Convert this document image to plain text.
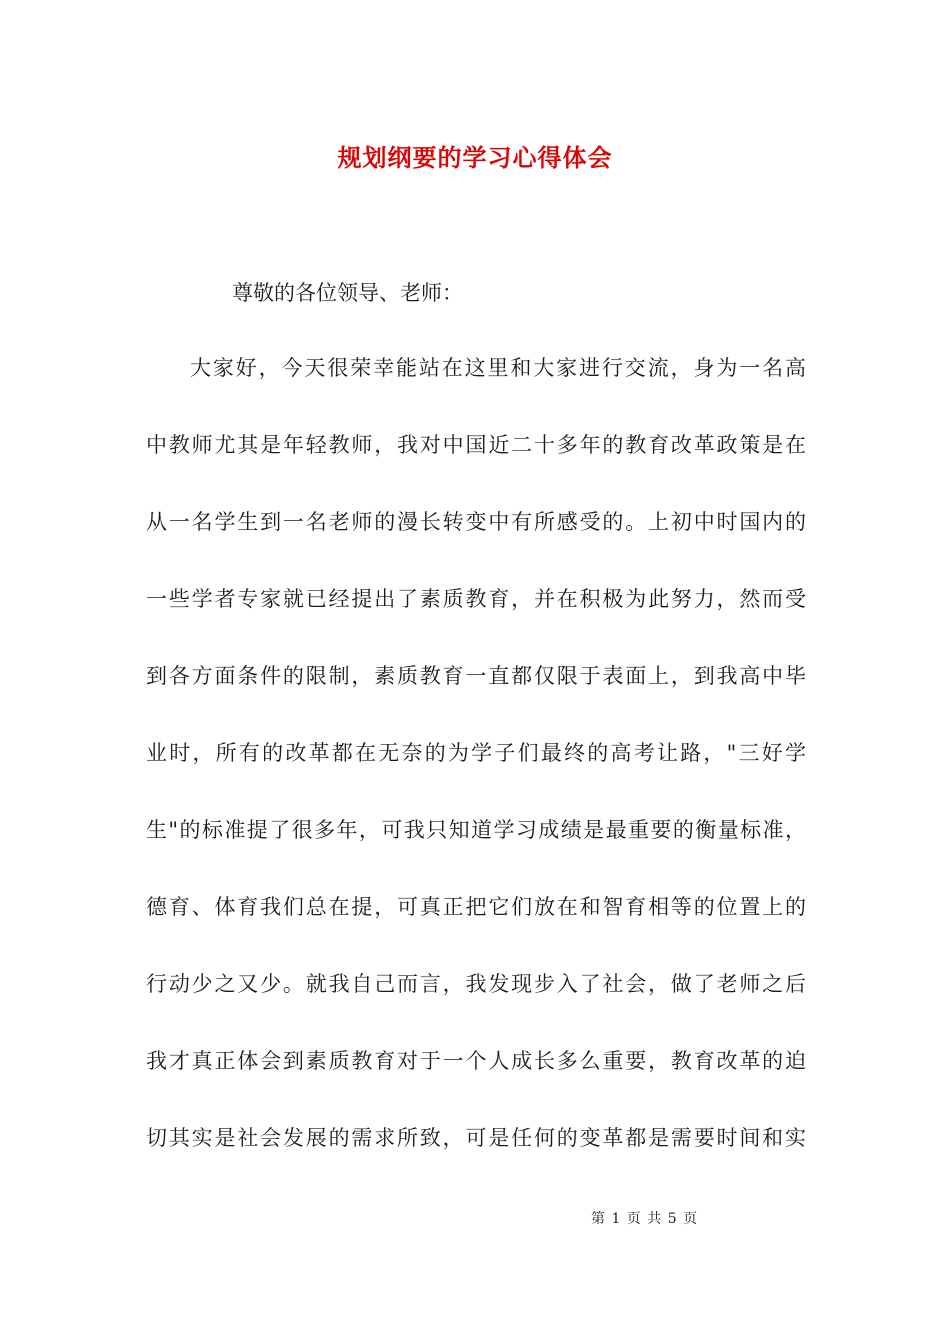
规划纲要的学习心得体会

尊敬的各位领导、老师：

大家好，今天很荣幸能站在这里和大家进行交流，身为一名高
中教师尤其是年轻教师，我对中国近二十多年的教育改革政策是在
从一名学生到一名老师的漫长转变中有所感受的。上初中时国内的
一些学者专家就已经提出了素质教育，并在积极为此努力，然而受
到各方面条件的限制，素质教育一直都仅限于表面上，到我高中毕
业时，所有的改革都在无奈的为学子们最终的高考让路，"三好学
生"的标准提了很多年，可我只知道学习成绩是最重要的衡量标准，
德育、体育我们总在提，可真正把它们放在和智育相等的位置上的
行动少之又少。就我自己而言，我发现步入了社会，做了老师之后
我才真正体会到素质教育对于一个人成长多么重要，教育改革的迫
切其实是社会发展的需求所致，可是任何的变革都是需要时间和实

第 1 页 共 5 页
